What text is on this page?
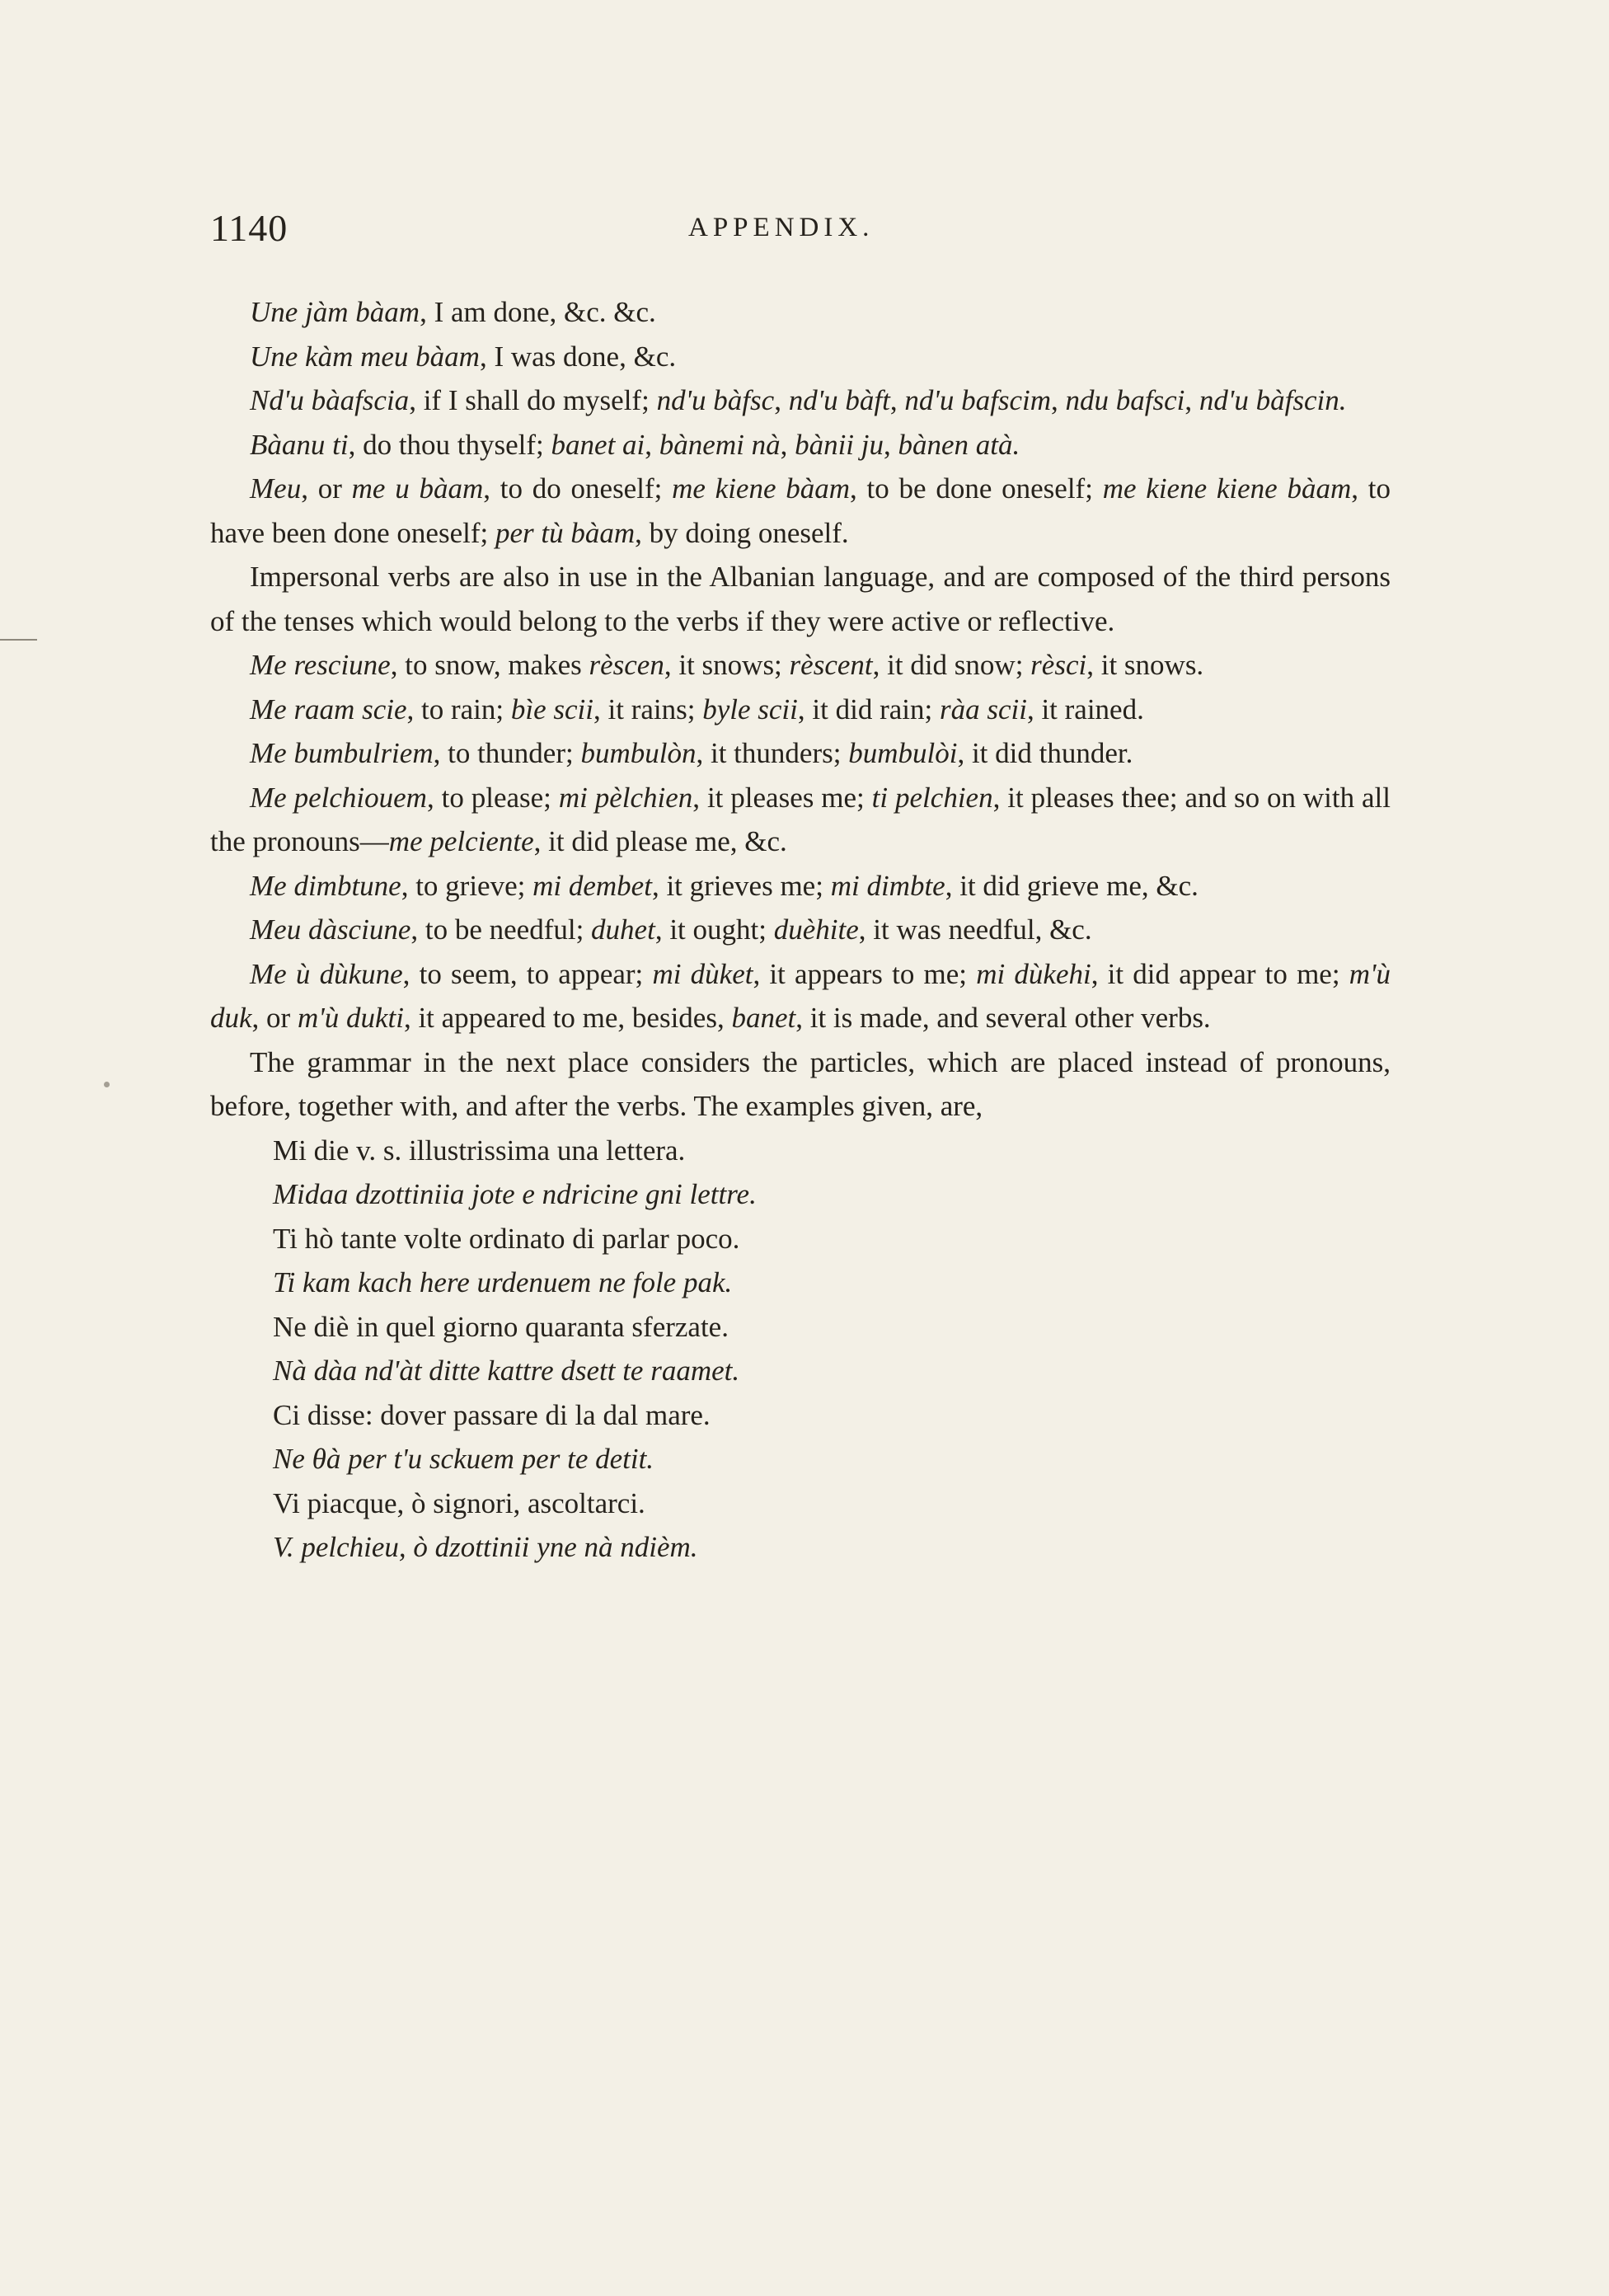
1140	APPENDIX.

Une jàm bàam, I am done, &c. &c.

Une kàm meu bàam, I was done, &c.

Nd'u bàafscia, if I shall do myself; nd'u bàfsc, nd'u bàft, nd'u bafscim, ndu bafsci, nd'u bàfscin.

Bàanu ti, do thou thyself; banet ai, bànemi nà, bànii ju, bànen atà.

Meu, or me u bàam, to do oneself; me kiene bàam, to be done oneself; me kiene kiene bàam, to have been done oneself; per tù bàam, by doing oneself.

Impersonal verbs are also in use in the Albanian language, and are composed of the third persons of the tenses which would belong to the verbs if they were active or reflective.

Me resciune, to snow, makes rèscen, it snows; rèscent, it did snow; rèsci, it snows.

Me raam scie, to rain; bìe scii, it rains; byle scii, it did rain; ràa scii, it rained.

Me bumbulriem, to thunder; bumbulòn, it thunders; bumbulòi, it did thunder.

Me pelchiouem, to please; mi pèlchien, it pleases me; ti pelchien, it pleases thee; and so on with all the pronouns—me pelciente, it did please me, &c.

Me dimbtune, to grieve; mi dembet, it grieves me; mi dimbte, it did grieve me, &c.

Meu dàsciune, to be needful; duhet, it ought; duèhite, it was needful, &c.

Me ù dùkune, to seem, to appear; mi dùket, it appears to me; mi dùkehi, it did appear to me; m'ù duk, or m'ù dukti, it appeared to me, besides, banet, it is made, and several other verbs.

The grammar in the next place considers the particles, which are placed instead of pronouns, before, together with, and after the verbs. The examples given, are,

Mi die v. s. illustrissima una lettera.
Midaa dzottiniia jote e ndricine gni lettre.
Ti hò tante volte ordinato di parlar poco.
Ti kam kach here urdenuem ne fole pak.
Ne diè in quel giorno quaranta sferzate.
Nà dàa nd'àt ditte kattre dsett te raamet.
Ci disse: dover passare di la dal mare.
Ne θà per t'u sckuem per te detit.
Vi piacque, ò signori, ascoltarci.
V. pelchieu, ò dzottinii yne nà ndièm.
